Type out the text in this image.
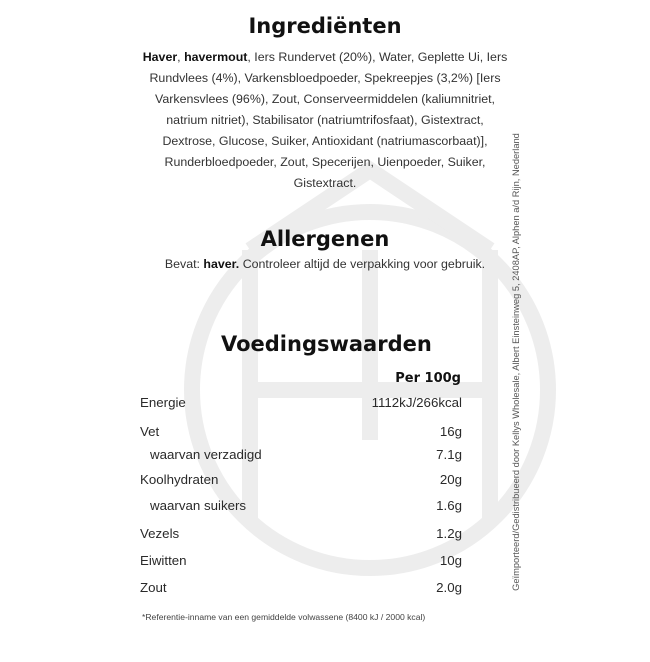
Ingrediënten
Haver, havermout, Iers Rundervet (20%), Water, Geplette Ui, Iers Rundvlees (4%), Varkensbloedpoeder, Spekreepjes (3,2%) [Iers Varkensvlees (96%), Zout, Conserveermiddelen (kaliumnitriet, natrium nitriet), Stabilisator (natriumtrifosfaat), Gistextract, Dextrose, Glucose, Suiker, Antioxidant (natriumascorbaat)], Runderbloedpoeder, Zout, Specerijen, Uienpoeder, Suiker, Gistextract.
Allergenen
Bevat: haver. Controleer altijd de verpakking voor gebruik.
Voedingswaarden
Per 100g
Energie	1112kJ/266kcal
Vet	16g
waarvan verzadigd	7.1g
Koolhydraten	20g
waarvan suikers	1.6g
Vezels	1.2g
Eiwitten	10g
Zout	2.0g
*Referentie-inname van een gemiddelde volwassene (8400 kJ / 2000 kcal)
Geïmporteerd/Gedistribueerd door Kellys Wholesale, Albert Einsteinweg 5, 2408AP, Alphen a/d Rijn, Nederland
